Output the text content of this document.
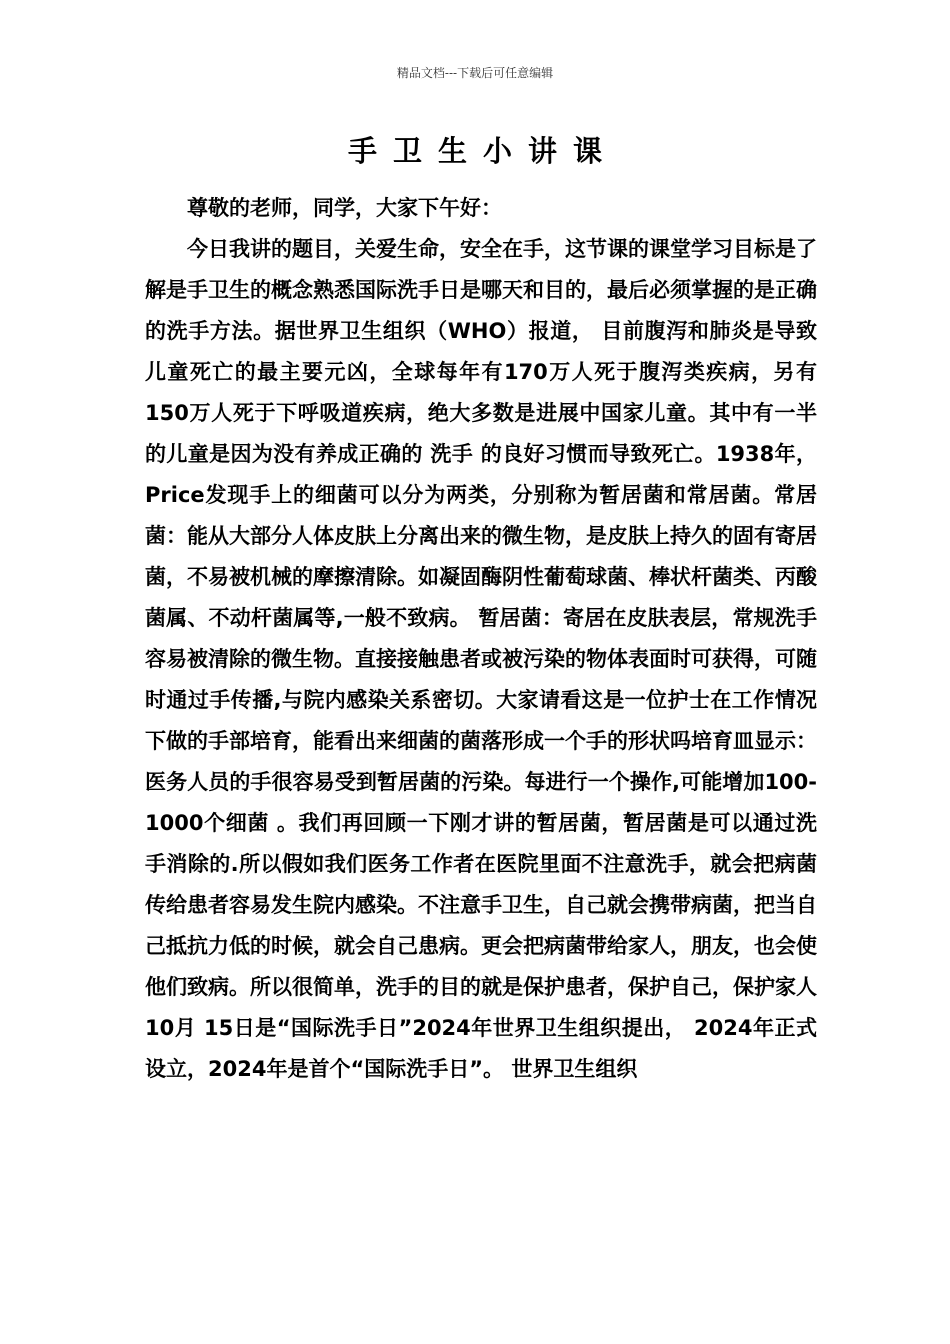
精品文档---下载后可任意编辑
手卫生小讲课

尊敬的老师，同学，大家下午好：

今日我讲的题目，关爱生命，安全在手，这节课的课堂学习目标是了解是手卫生的概念熟悉国际洗手日是哪天和目的，最后必须掌握的是正确的洗手方法。据世界卫生组织（WHO）报道， 目前腹泻和肺炎是导致儿童死亡的最主要元凶，全球每年有170万人死于腹泻类疾病，另有150万人死于下呼吸道疾病，绝大多数是进展中国家儿童。其中有一半的儿童是因为没有养成正确的 洗手 的良好习惯而导致死亡。1938年，Price发现手上的细菌可以分为两类，分别称为暂居菌和常居菌。常居菌：能从大部分人体皮肤上分离出来的微生物，是皮肤上持久的固有寄居菌，不易被机械的摩擦清除。如凝固酶阴性葡萄球菌、棒状杆菌类、丙酸菌属、不动杆菌属等,一般不致病。 暂居菌：寄居在皮肤表层，常规洗手容易被清除的微生物。直接接触患者或被污染的物体表面时可获得，可随时通过手传播,与院内感染关系密切。大家请看这是一位护士在工作情况下做的手部培育，能看出来细菌的菌落形成一个手的形状吗培育皿显示： 医务人员的手很容易受到暂居菌的污染。每进行一个操作,可能增加100-1000个细菌 。我们再回顾一下刚才讲的暂居菌，暂居菌是可以通过洗手消除的.所以假如我们医务工作者在医院里面不注意洗手，就会把病菌传给患者容易发生院内感染。不注意手卫生，自己就会携带病菌，把当自己抵抗力低的时候，就会自己患病。更会把病菌带给家人，朋友，也会使他们致病。所以很简单，洗手的目的就是保护患者，保护自己，保护家人10月 15日是“国际洗手日”2024年世界卫生组织提出， 2024年正式设立，2024年是首个“国际洗手日”。 世界卫生组织
